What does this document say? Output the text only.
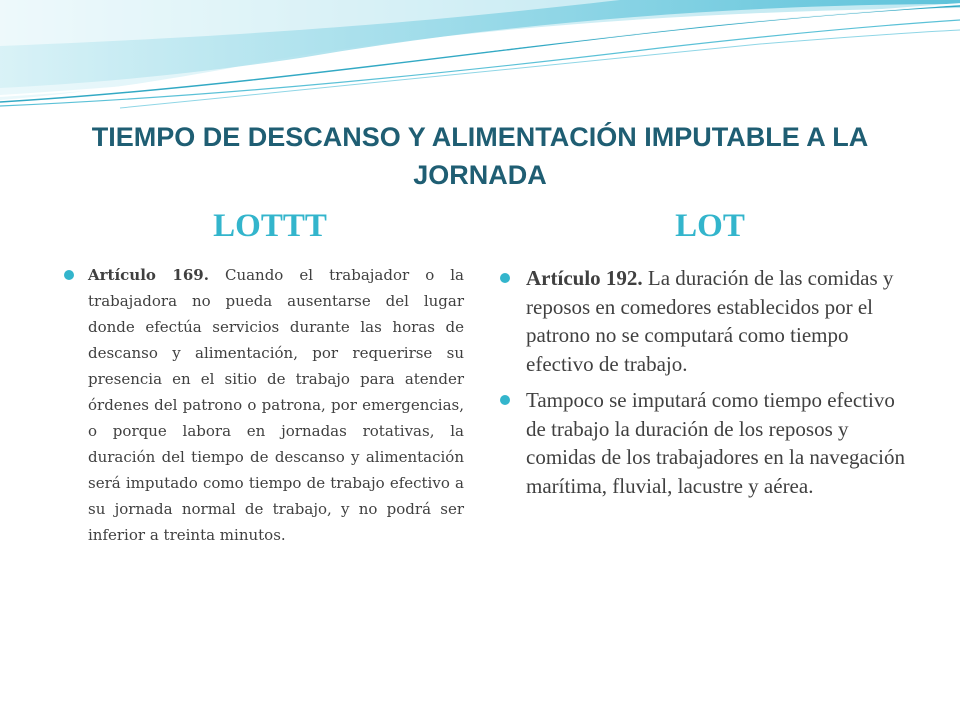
TIEMPO DE DESCANSO Y ALIMENTACIÓN IMPUTABLE A LA JORNADA
LOTTT	LOT
Artículo 169. Cuando el trabajador o la trabajadora no pueda ausentarse del lugar donde efectúa servicios durante las horas de descanso y alimentación, por requerirse su presencia en el sitio de trabajo para atender órdenes del patrono o patrona, por emergencias, o porque labora en jornadas rotativas, la duración del tiempo de descanso y alimentación será imputado como tiempo de trabajo efectivo a su jornada normal de trabajo, y no podrá ser inferior a treinta minutos.
Artículo 192. La duración de las comidas y reposos en comedores establecidos por el patrono no se computará como tiempo efectivo de trabajo.
Tampoco se imputará como tiempo efectivo de trabajo la duración de los reposos y comidas de los trabajadores en la navegación marítima, fluvial, lacustre y aérea.
